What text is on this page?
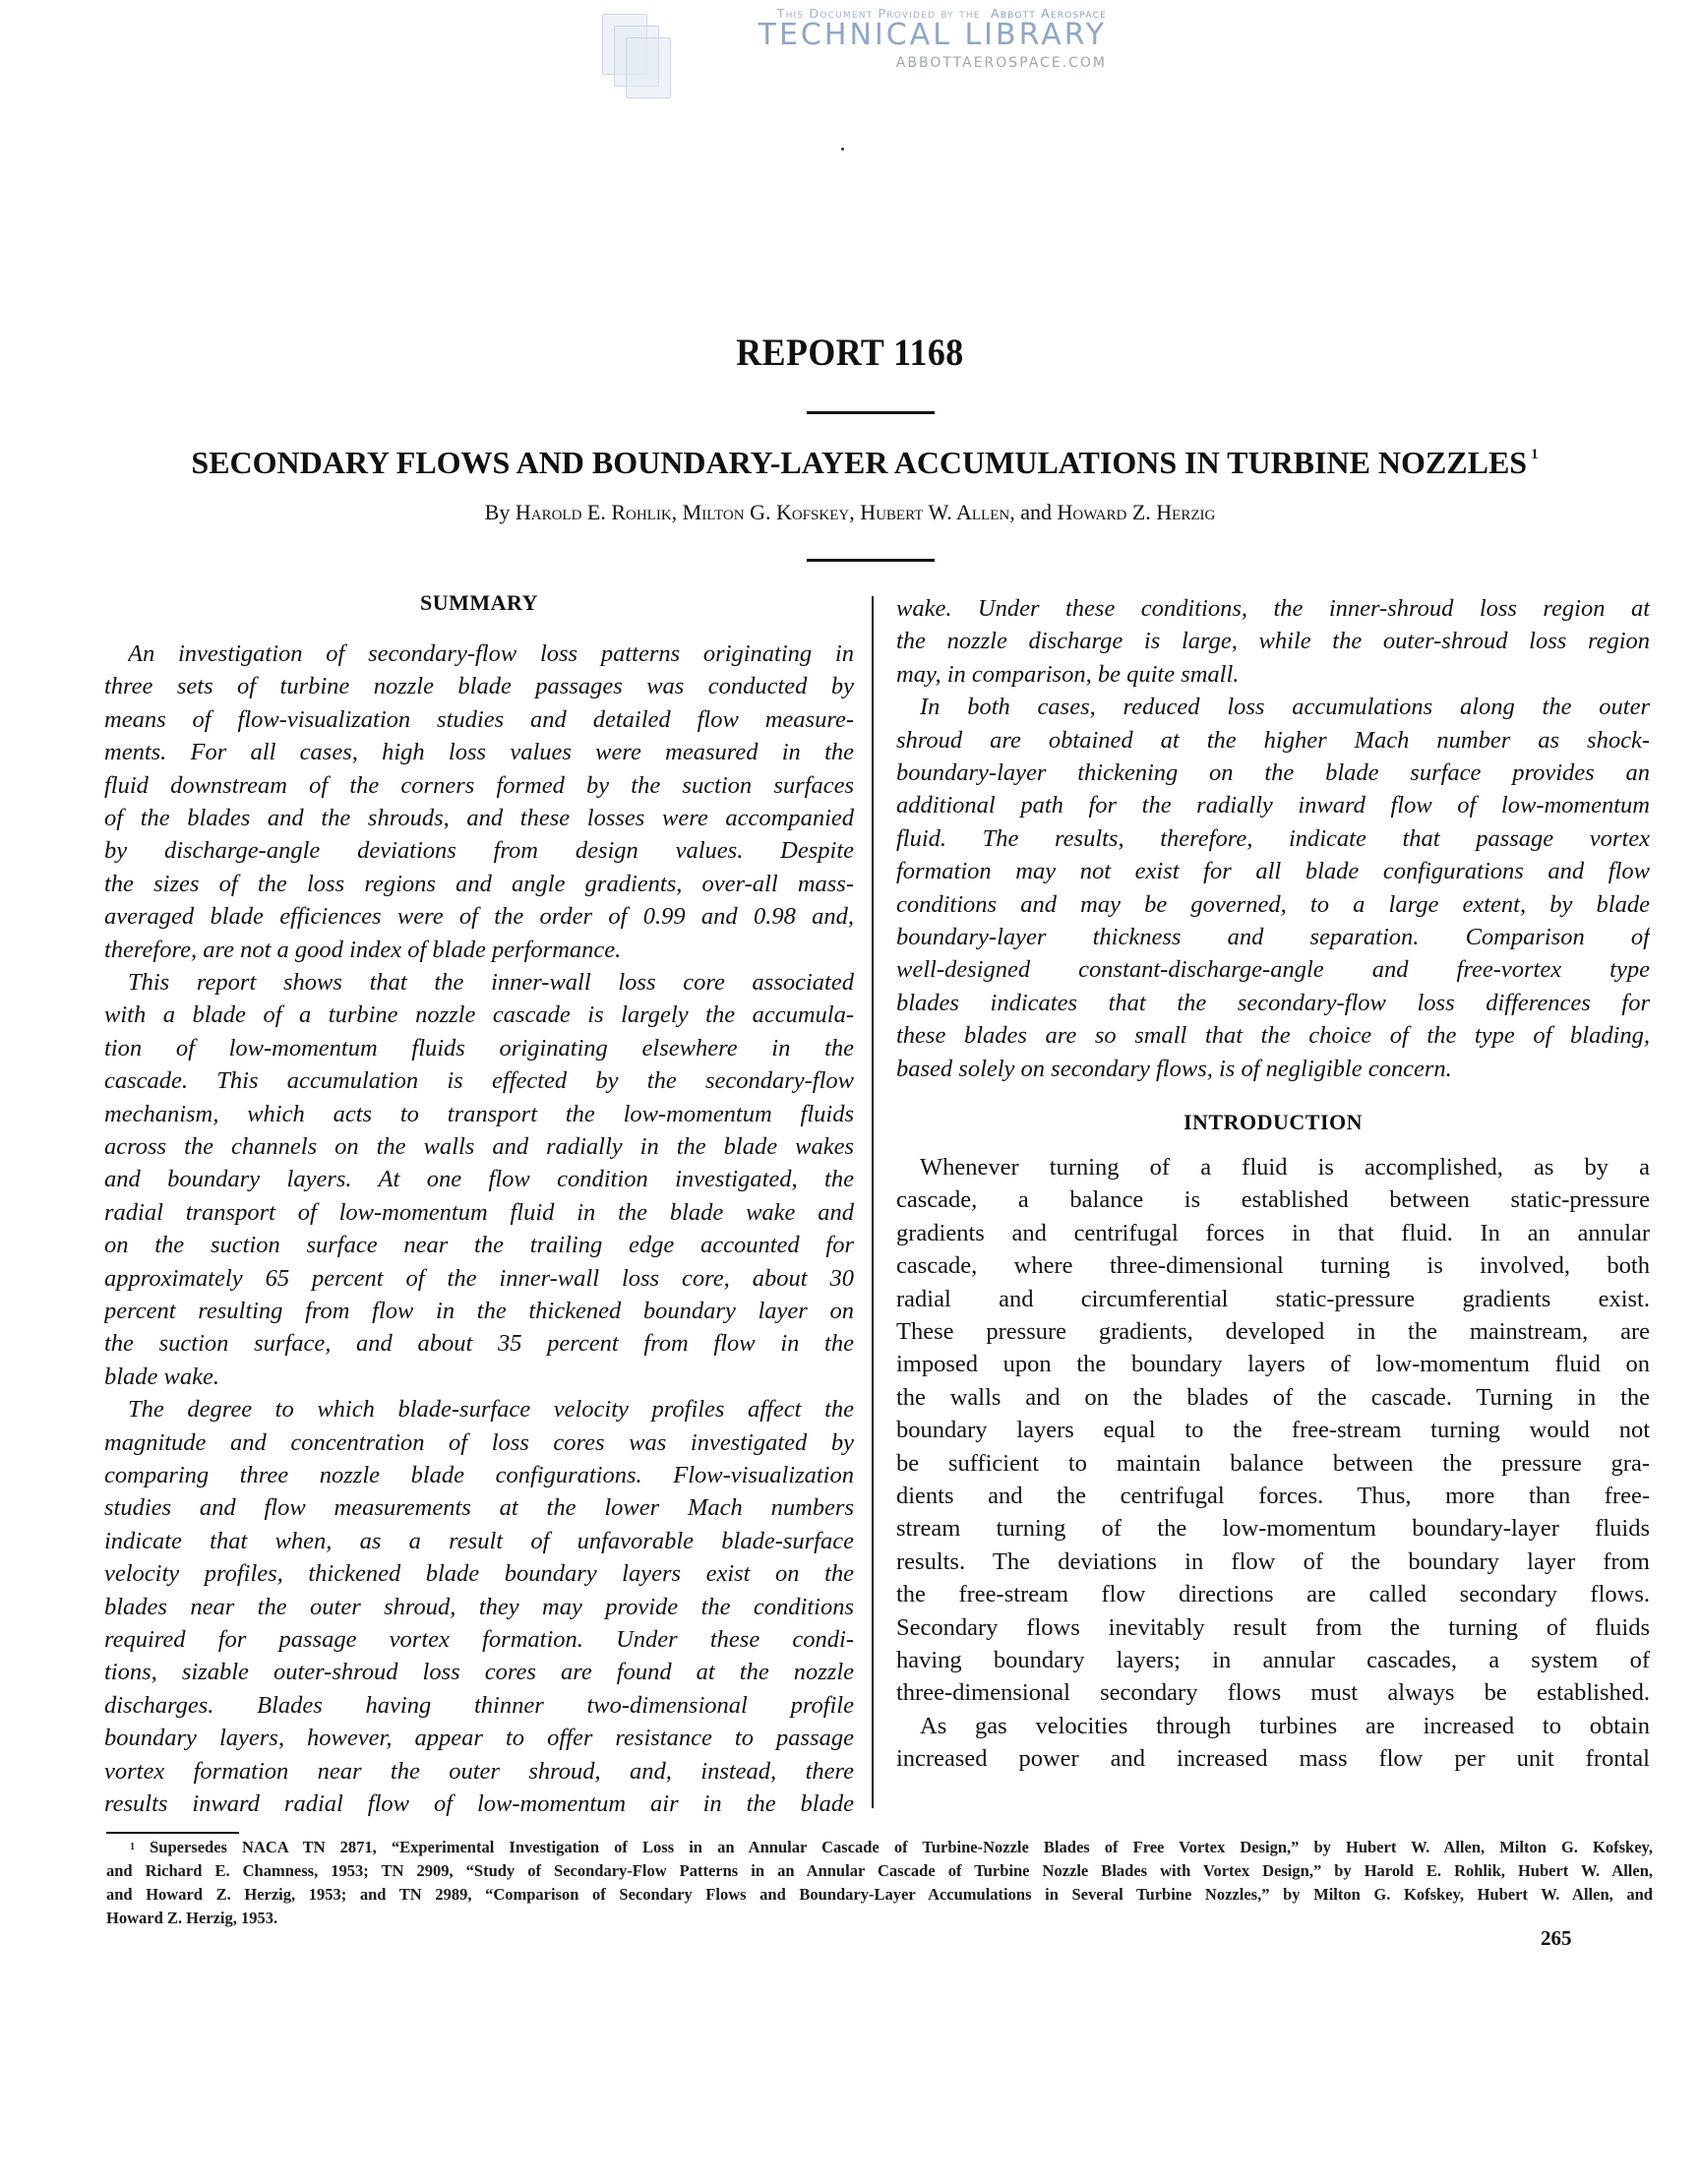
This Document Provided by the Abbott Aerospace
TECHNICAL LIBRARY
ABBOTTAEROSPACE.COM
REPORT 1168
SECONDARY FLOWS AND BOUNDARY-LAYER ACCUMULATIONS IN TURBINE NOZZLES $^1$
By Harold E. Rohlik, Milton G. Kofskey, Hubert W. Allen, and Howard Z. Herzig
SUMMARY
An investigation of secondary-flow loss patterns originating in
three sets of turbine nozzle blade passages was conducted by
means of flow-visualization studies and detailed flow measure-
ments. For all cases, high loss values were measured in the
fluid downstream of the corners formed by the suction surfaces
of the blades and the shrouds, and these losses were accompanied
by discharge-angle deviations from design values. Despite
the sizes of the loss regions and angle gradients, over-all mass-
averaged blade efficiences were of the order of 0.99 and 0.98 and,
therefore, are not a good index of blade performance.
This report shows that the inner-wall loss core associated
with a blade of a turbine nozzle cascade is largely the accumula-
tion of low-momentum fluids originating elsewhere in the
cascade. This accumulation is effected by the secondary-flow
mechanism, which acts to transport the low-momentum fluids
across the channels on the walls and radially in the blade wakes
and boundary layers. At one flow condition investigated, the
radial transport of low-momentum fluid in the blade wake and
on the suction surface near the trailing edge accounted for
approximately 65 percent of the inner-wall loss core, about 30
percent resulting from flow in the thickened boundary layer on
the suction surface, and about 35 percent from flow in the
blade wake.
The degree to which blade-surface velocity profiles affect the
magnitude and concentration of loss cores was investigated by
comparing three nozzle blade configurations. Flow-visualization
studies and flow measurements at the lower Mach numbers
indicate that when, as a result of unfavorable blade-surface
velocity profiles, thickened blade boundary layers exist on the
blades near the outer shroud, they may provide the conditions
required for passage vortex formation. Under these condi-
tions, sizable outer-shroud loss cores are found at the nozzle
discharges. Blades having thinner two-dimensional profile
boundary layers, however, appear to offer resistance to passage
vortex formation near the outer shroud, and, instead, there
results inward radial flow of low-momentum air in the blade
wake. Under these conditions, the inner-shroud loss region at
the nozzle discharge is large, while the outer-shroud loss region
may, in comparison, be quite small.
In both cases, reduced loss accumulations along the outer
shroud are obtained at the higher Mach number as shock-
boundary-layer thickening on the blade surface provides an
additional path for the radially inward flow of low-momentum
fluid. The results, therefore, indicate that passage vortex
formation may not exist for all blade configurations and flow
conditions and may be governed, to a large extent, by blade
boundary-layer thickness and separation. Comparison of
well-designed constant-discharge-angle and free-vortex type
blades indicates that the secondary-flow loss differences for
these blades are so small that the choice of the type of blading,
based solely on secondary flows, is of negligible concern.
INTRODUCTION
Whenever turning of a fluid is accomplished, as by a
cascade, a balance is established between static-pressure
gradients and centrifugal forces in that fluid. In an annular
cascade, where three-dimensional turning is involved, both
radial and circumferential static-pressure gradients exist.
These pressure gradients, developed in the mainstream, are
imposed upon the boundary layers of low-momentum fluid on
the walls and on the blades of the cascade. Turning in the
boundary layers equal to the free-stream turning would not
be sufficient to maintain balance between the pressure gra-
dients and the centrifugal forces. Thus, more than free-
stream turning of the low-momentum boundary-layer fluids
results. The deviations in flow of the boundary layer from
the free-stream flow directions are called secondary flows.
Secondary flows inevitably result from the turning of fluids
having boundary layers; in annular cascades, a system of
three-dimensional secondary flows must always be established.
As gas velocities through turbines are increased to obtain
increased power and increased mass flow per unit frontal
$^1$ Supersedes NACA TN 2871, “Experimental Investigation of Loss in an Annular Cascade of Turbine-Nozzle Blades of Free Vortex Design,” by Hubert W. Allen, Milton G. Kofskey,
and Richard E. Chamness, 1953; TN 2909, “Study of Secondary-Flow Patterns in an Annular Cascade of Turbine Nozzle Blades with Vortex Design,” by Harold E. Rohlik, Hubert W. Allen,
and Howard Z. Herzig, 1953; and TN 2989, “Comparison of Secondary Flows and Boundary-Layer Accumulations in Several Turbine Nozzles,” by Milton G. Kofskey, Hubert W. Allen, and
Howard Z. Herzig, 1953.
265
